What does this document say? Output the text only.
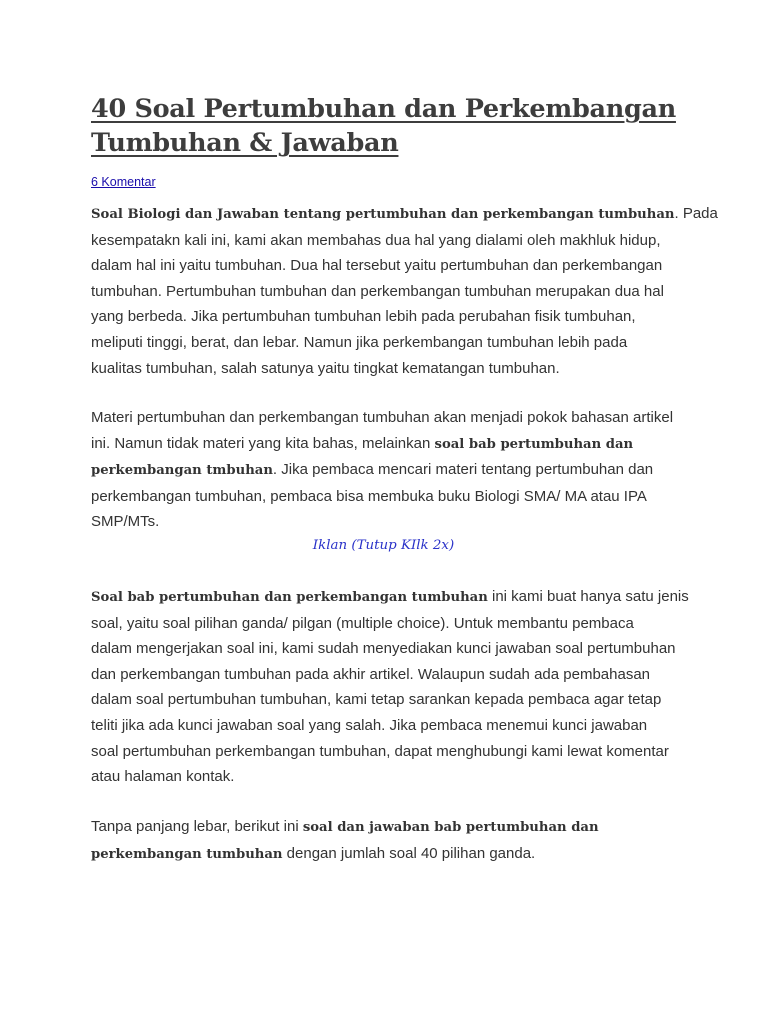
40 Soal Pertumbuhan dan Perkembangan
Tumbuhan & Jawaban
6 Komentar

Soal Biologi dan Jawaban tentang pertumbuhan dan perkembangan tumbuhan. Pada
kesempatakn kali ini, kami akan membahas dua hal yang dialami oleh makhluk hidup,
dalam hal ini yaitu tumbuhan. Dua hal tersebut yaitu pertumbuhan dan perkembangan
tumbuhan. Pertumbuhan tumbuhan dan perkembangan tumbuhan merupakan dua hal
yang berbeda. Jika pertumbuhan tumbuhan lebih pada perubahan fisik tumbuhan,
meliputi tinggi, berat, dan lebar. Namun jika perkembangan tumbuhan lebih pada
kualitas tumbuhan, salah satunya yaitu tingkat kematangan tumbuhan.

Materi pertumbuhan dan perkembangan tumbuhan akan menjadi pokok bahasan artikel
ini. Namun tidak materi yang kita bahas, melainkan soal bab pertumbuhan dan
perkembangan tmbuhan. Jika pembaca mencari materi tentang pertumbuhan dan
perkembangan tumbuhan, pembaca bisa membuka buku Biologi SMA/ MA atau IPA
SMP/MTs.

Iklan (Tutup KIlk 2x)

Soal bab pertumbuhan dan perkembangan tumbuhan ini kami buat hanya satu jenis
soal, yaitu soal pilihan ganda/ pilgan (multiple choice). Untuk membantu pembaca
dalam mengerjakan soal ini, kami sudah menyediakan kunci jawaban soal pertumbuhan
dan perkembangan tumbuhan pada akhir artikel. Walaupun sudah ada pembahasan
dalam soal pertumbuhan tumbuhan, kami tetap sarankan kepada pembaca agar tetap
teliti jika ada kunci jawaban soal yang salah. Jika pembaca menemui kunci jawaban
soal pertumbuhan perkembangan tumbuhan, dapat menghubungi kami lewat komentar
atau halaman kontak.

Tanpa panjang lebar, berikut ini soal dan jawaban bab pertumbuhan dan
perkembangan tumbuhan dengan jumlah soal 40 pilihan ganda.
